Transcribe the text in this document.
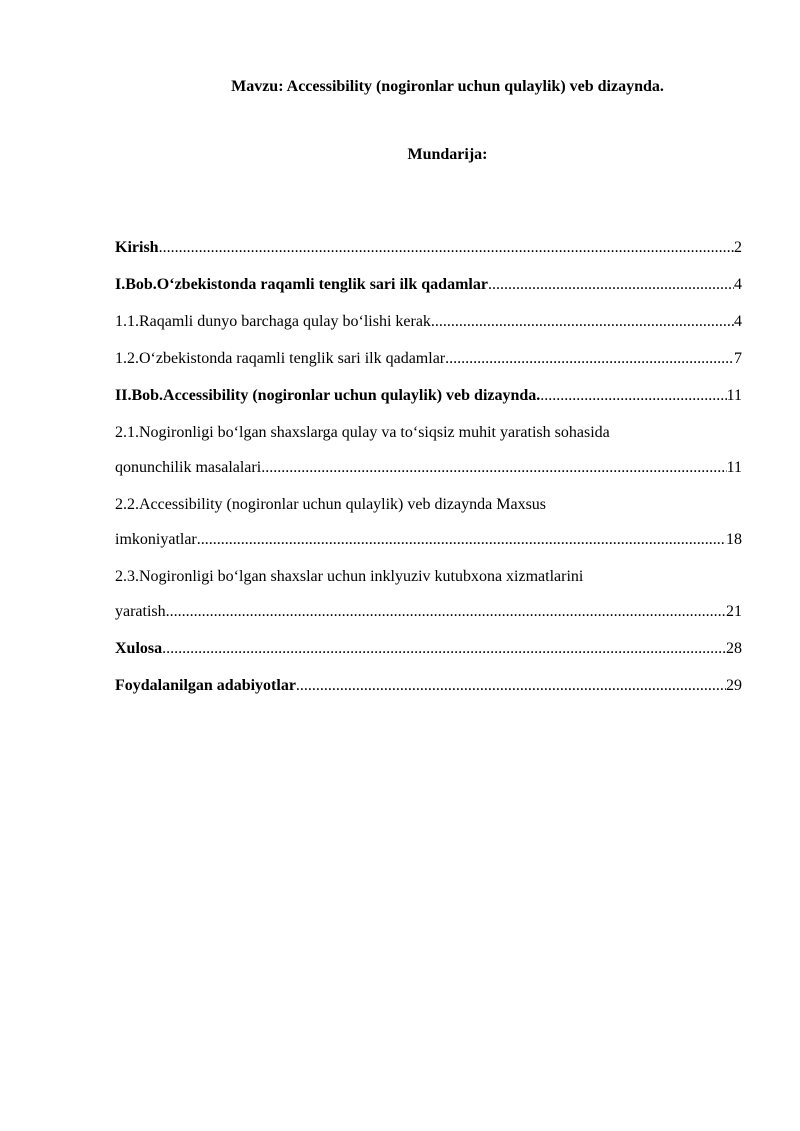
Mavzu: Accessibility (nogironlar uchun qulaylik) veb dizaynda.
Mundarija:
Kirish .....	2
I.Bob.O‘zbekistonda raqamli tenglik sari ilk qadamlar .....	4
1.1.Raqamli dunyo barchaga qulay bo‘lishi kerak .....	4
1.2.O‘zbekistonda raqamli tenglik sari ilk qadamlar .....	7
II.Bob.Accessibility (nogironlar uchun qulaylik) veb dizaynda. .....	11
2.1.Nogironligi bo‘lgan shaxslarga qulay va to‘siqsiz muhit yaratish sohasida
qonunchilik masalalari .....	11
2.2.Accessibility (nogironlar uchun qulaylik) veb dizaynda Maxsus
imkoniyatlar .....	18
2.3.Nogironligi bo‘lgan shaxslar uchun inklyuziv kutubxona xizmatlarini
yaratish .....	21
Xulosa .....	28
Foydalanilgan adabiyotlar .....	29
